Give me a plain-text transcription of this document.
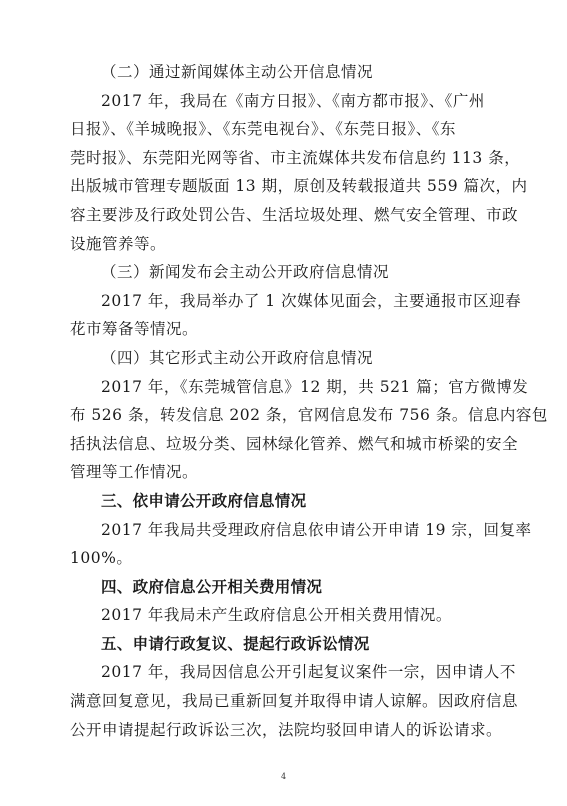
（二）通过新闻媒体主动公开信息情况
2017 年，我局在《南方日报》、《南方都市报》、《广州
日报》、《羊城晚报》、《东莞电视台》、《东莞日报》、《东
莞时报》、东莞阳光网等省、市主流媒体共发布信息约 113 条，
出版城市管理专题版面 13 期，原创及转载报道共 559 篇次，内
容主要涉及行政处罚公告、生活垃圾处理、燃气安全管理、市政
设施管养等。
（三）新闻发布会主动公开政府信息情况
2017 年，我局举办了 1 次媒体见面会，主要通报市区迎春
花市筹备等情况。
（四）其它形式主动公开政府信息情况
2017 年，《东莞城管信息》12 期，共 521 篇；官方微博发
布 526 条，转发信息 202 条，官网信息发布 756 条。信息内容包
括执法信息、垃圾分类、园林绿化管养、燃气和城市桥梁的安全
管理等工作情况。
三、依申请公开政府信息情况
2017 年我局共受理政府信息依申请公开申请 19 宗，回复率
100%。
四、政府信息公开相关费用情况
2017 年我局未产生政府信息公开相关费用情况。
五、申请行政复议、提起行政诉讼情况
2017 年，我局因信息公开引起复议案件一宗，因申请人不
满意回复意见，我局已重新回复并取得申请人谅解。因政府信息
公开申请提起行政诉讼三次，法院均驳回申请人的诉讼请求。
4
